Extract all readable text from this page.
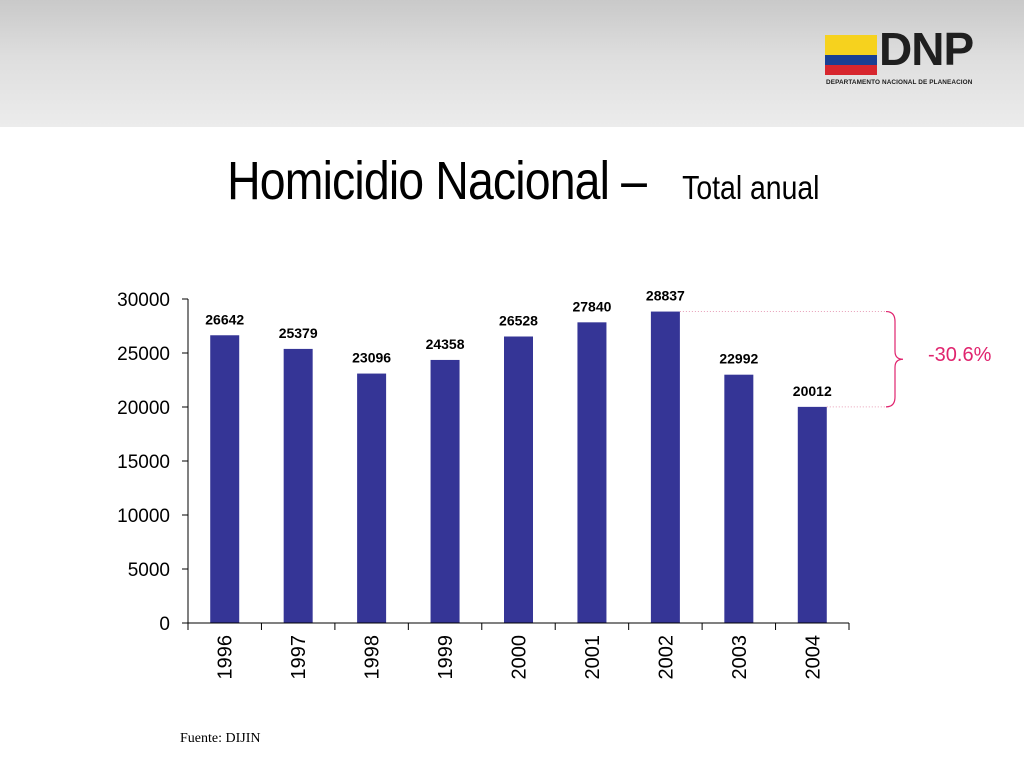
DNP
DEPARTAMENTO NACIONAL DE PLANEACION
Homicidio Nacional – Total anual
0
5000
10000
15000
20000
25000
30000
26642
25379
23096
24358
26528
27840
28837
22992
20012
1996	1997	1998	1999	2000	2001	2002	2003	2004
-30.6%
Fuente: DIJIN
